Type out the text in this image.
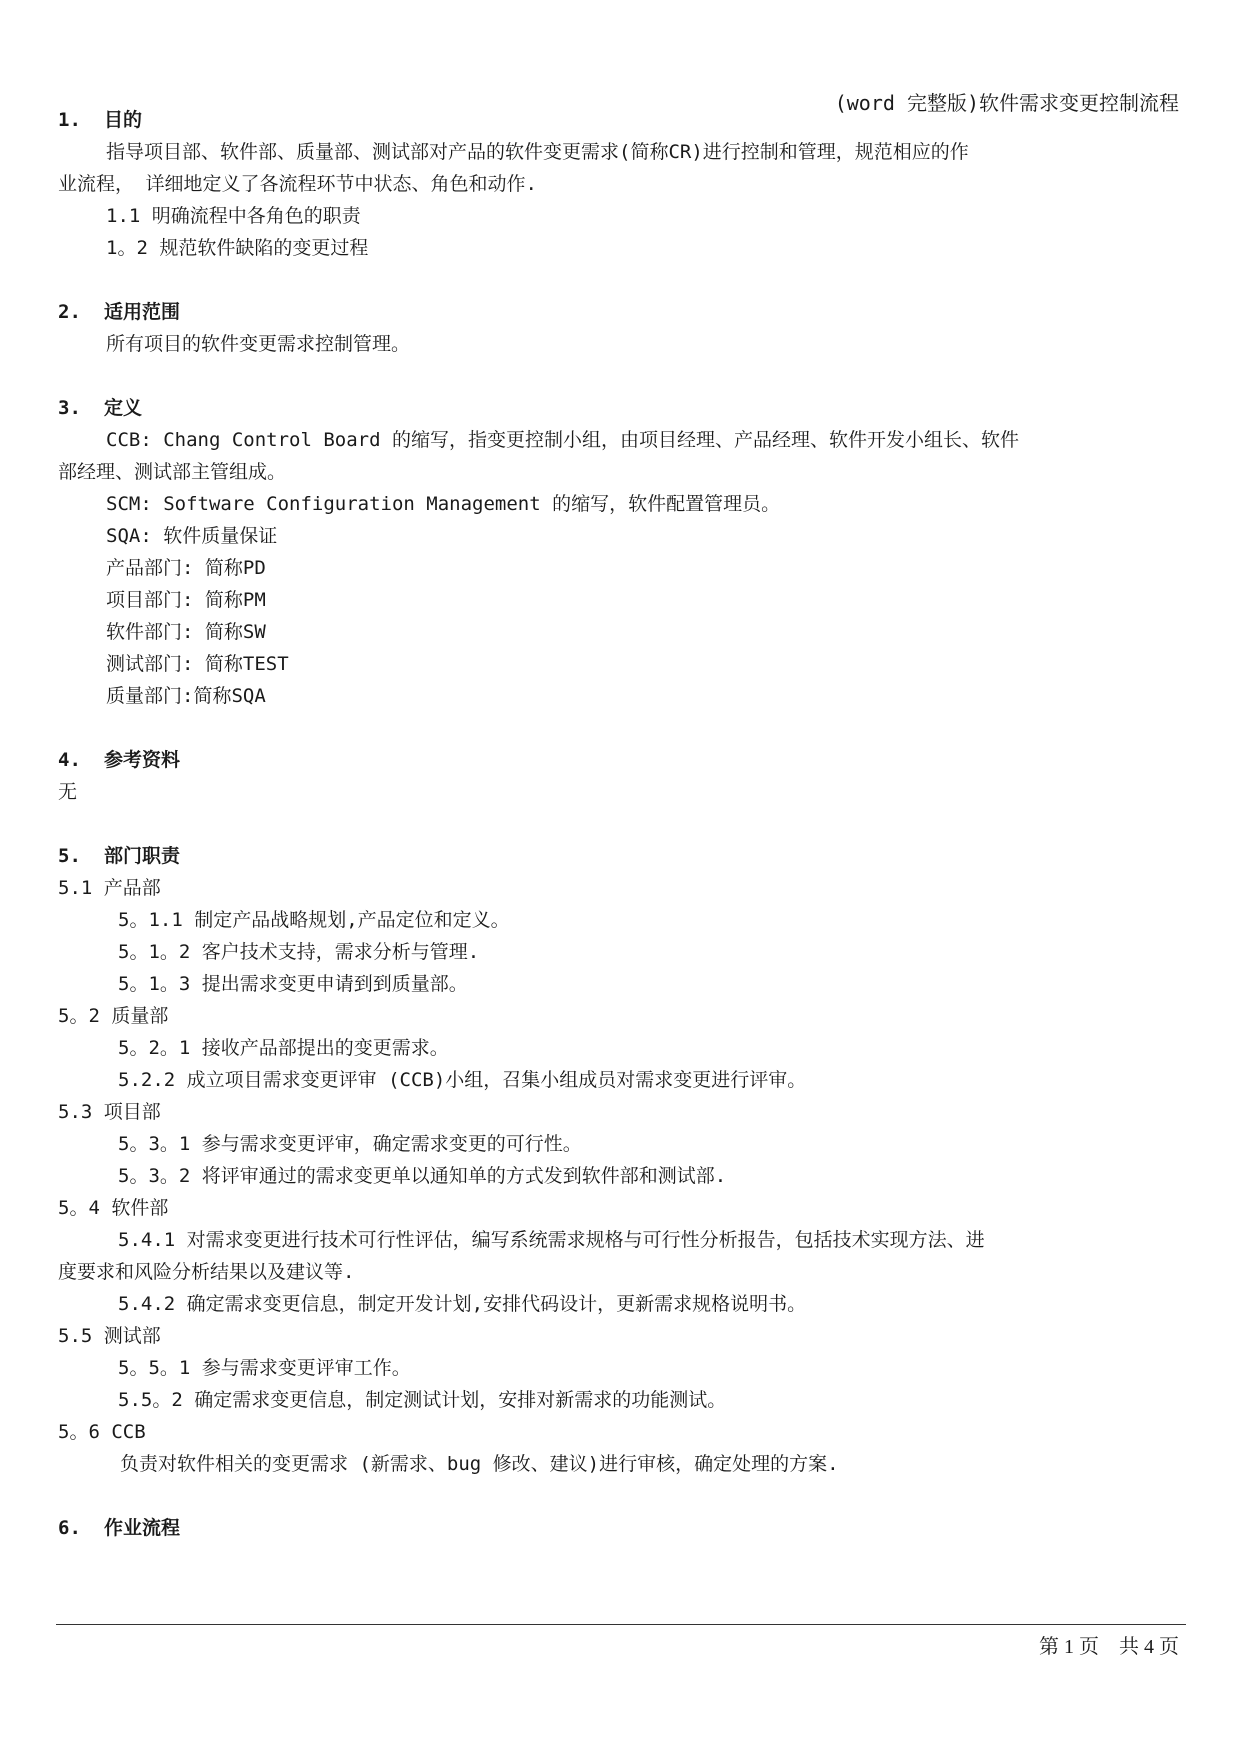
(word 完整版)软件需求变更控制流程
1. 目的
指导项目部、软件部、质量部、测试部对产品的软件变更需求(简称CR)进行控制和管理，规范相应的作
业流程， 详细地定义了各流程环节中状态、角色和动作.
1.1 明确流程中各角色的职责
1。2 规范软件缺陷的变更过程
2. 适用范围
所有项目的软件变更需求控制管理。
3. 定义
CCB: Chang Control Board 的缩写，指变更控制小组，由项目经理、产品经理、软件开发小组长、软件
部经理、测试部主管组成。
SCM: Software Configuration Management 的缩写，软件配置管理员。
SQA: 软件质量保证
产品部门: 简称PD
项目部门: 简称PM
软件部门: 简称SW
测试部门: 简称TEST
质量部门:简称SQA
4. 参考资料
无
5. 部门职责
5.1 产品部
5。1.1 制定产品战略规划,产品定位和定义。
5。1。2 客户技术支持，需求分析与管理.
5。1。3 提出需求变更申请到到质量部。
5。2 质量部
5。2。1 接收产品部提出的变更需求。
5.2.2 成立项目需求变更评审 (CCB)小组，召集小组成员对需求变更进行评审。
5.3 项目部
5。3。1 参与需求变更评审，确定需求变更的可行性。
5。3。2 将评审通过的需求变更单以通知单的方式发到软件部和测试部.
5。4 软件部
5.4.1 对需求变更进行技术可行性评估，编写系统需求规格与可行性分析报告，包括技术实现方法、进
度要求和风险分析结果以及建议等.
5.4.2 确定需求变更信息，制定开发计划,安排代码设计，更新需求规格说明书。
5.5 测试部
5。5。1 参与需求变更评审工作。
5.5。2 确定需求变更信息，制定测试计划，安排对新需求的功能测试。
5。6 CCB
负责对软件相关的变更需求 (新需求、bug 修改、建议)进行审核，确定处理的方案.
6. 作业流程
第 1 页 共 4 页
